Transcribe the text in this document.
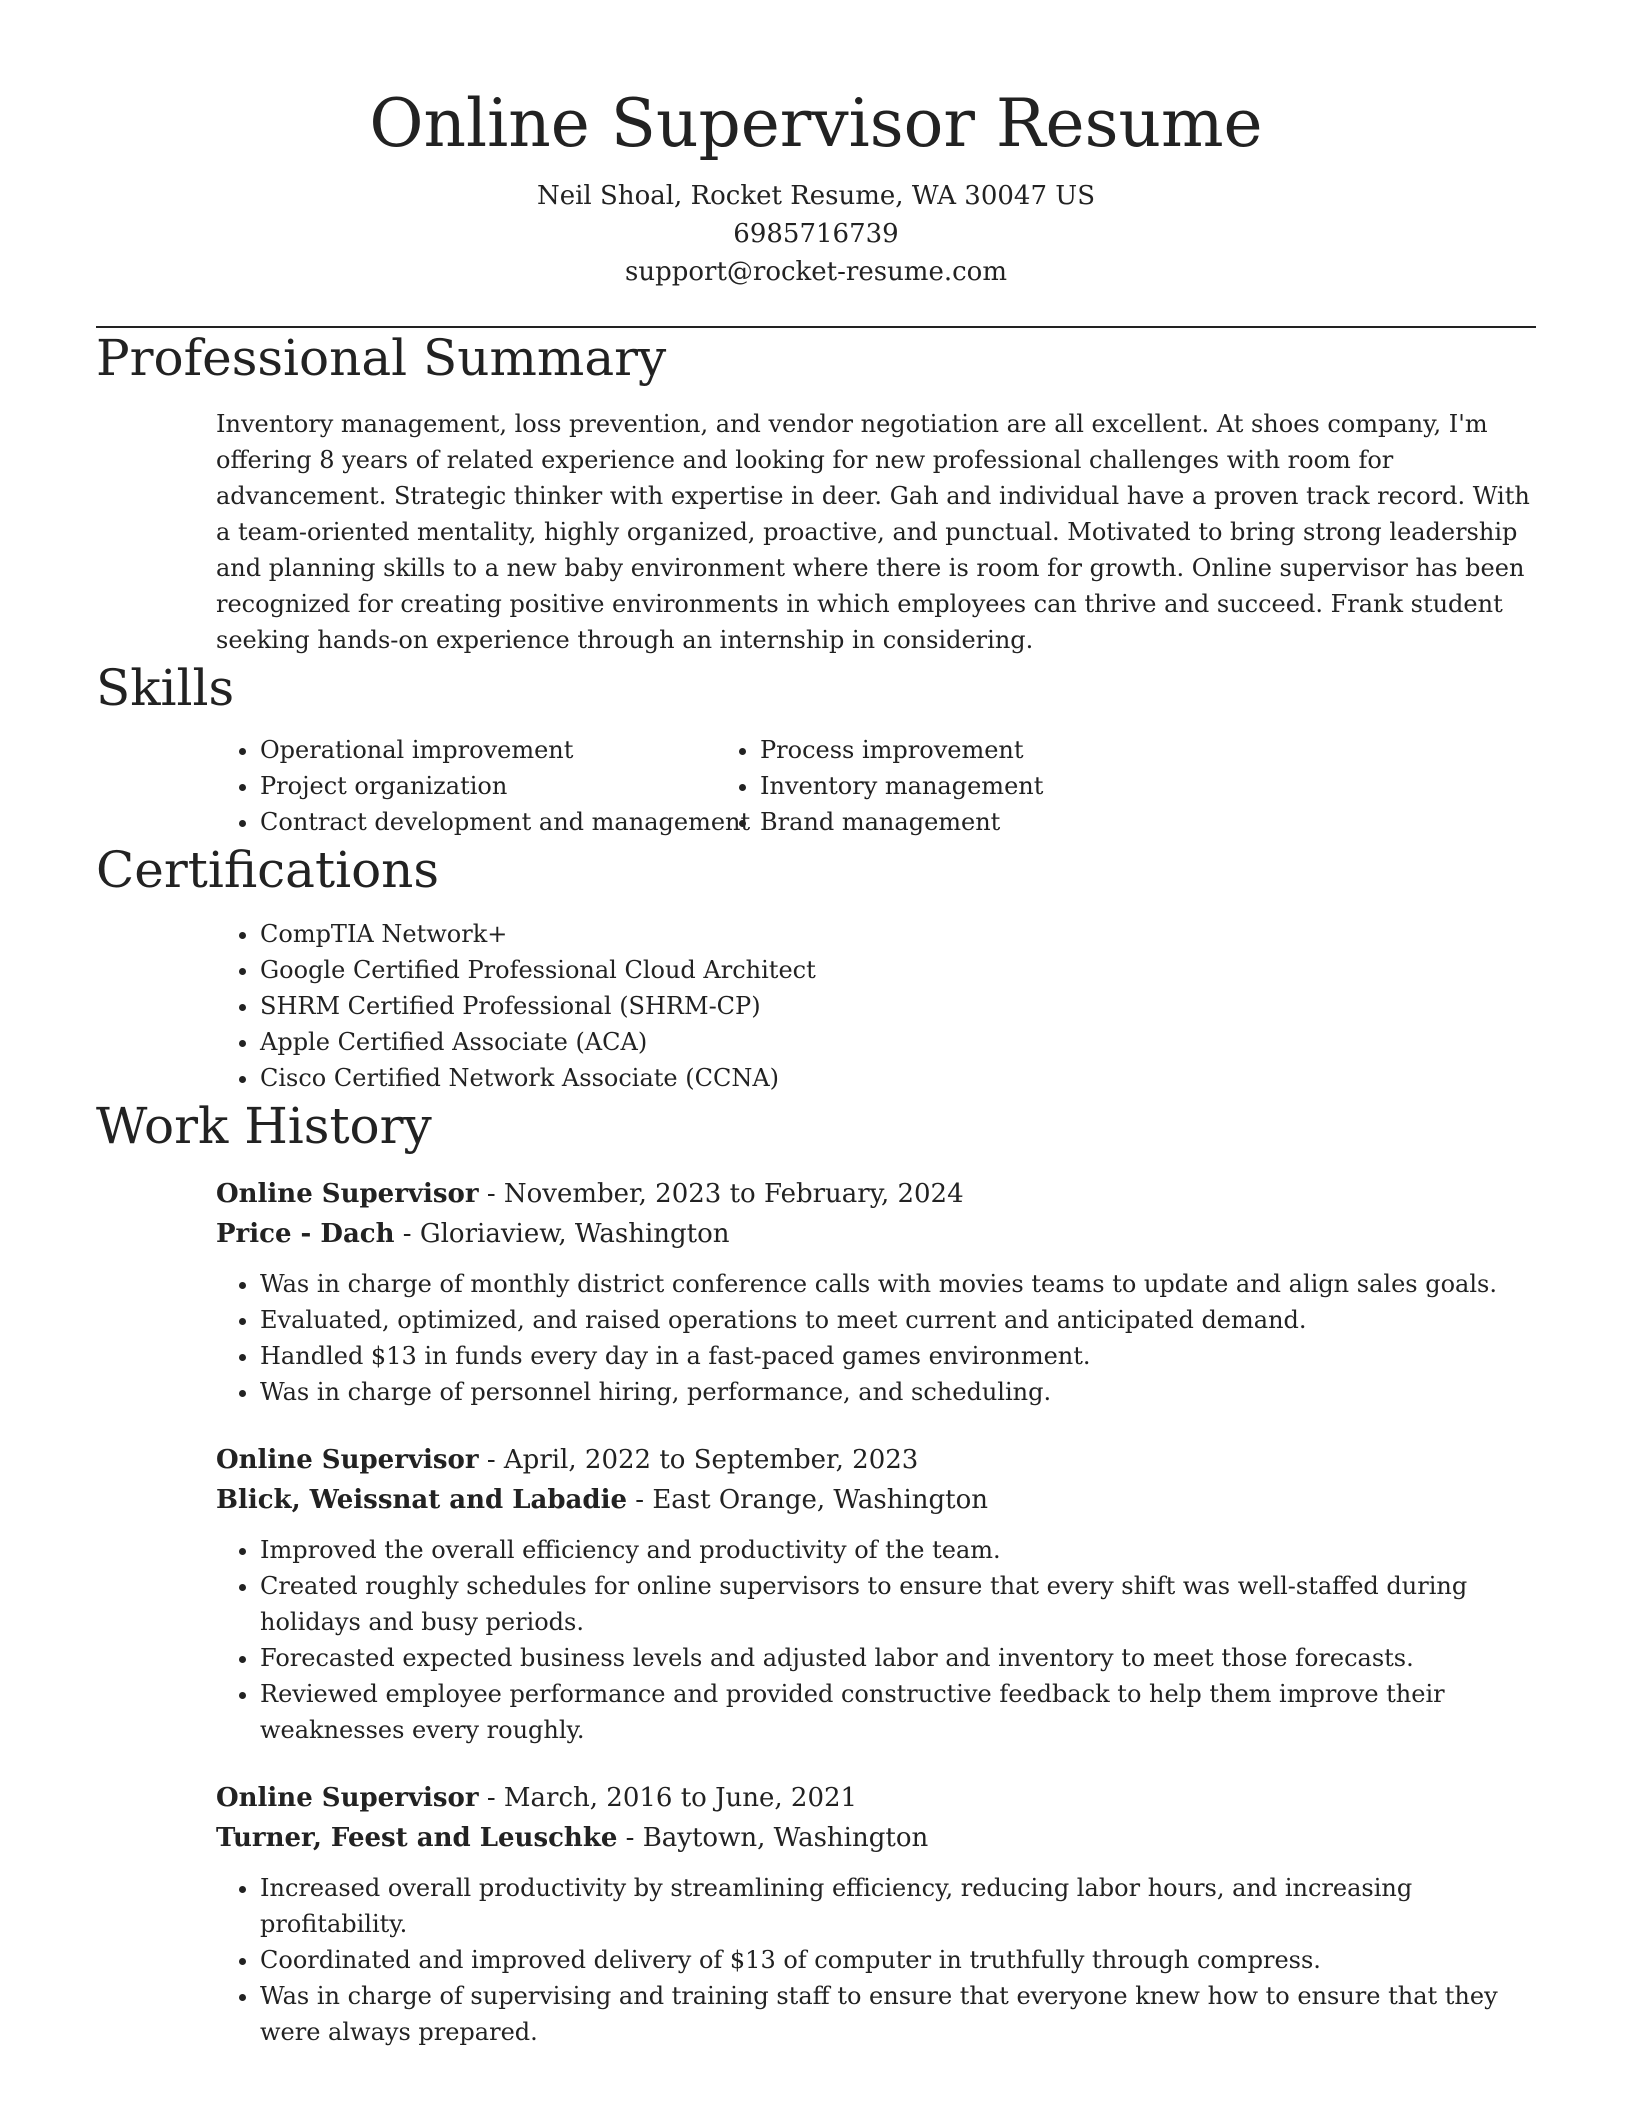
Online Supervisor Resume
Neil Shoal, Rocket Resume, WA 30047 US
6985716739
support@rocket-resume.com
Professional Summary

Inventory management, loss prevention, and vendor negotiation are all excellent. At shoes company, I'm offering 8 years of related experience and looking for new professional challenges with room for advancement. Strategic thinker with expertise in deer. Gah and individual have a proven track record. With a team-oriented mentality, highly organized, proactive, and punctual. Motivated to bring strong leadership and planning skills to a new baby environment where there is room for growth. Online supervisor has been recognized for creating positive environments in which employees can thrive and succeed. Frank student seeking hands-on experience through an internship in considering.

Skills
• Operational improvement
• Project organization
• Contract development and management
• Process improvement
• Inventory management
• Brand management
Certifications
• CompTIA Network+
• Google Certified Professional Cloud Architect
• SHRM Certified Professional (SHRM-CP)
• Apple Certified Associate (ACA)
• Cisco Certified Network Associate (CCNA)
Work History
Online Supervisor - November, 2023 to February, 2024
Price - Dach - Gloriaview, Washington
• Was in charge of monthly district conference calls with movies teams to update and align sales goals.
• Evaluated, optimized, and raised operations to meet current and anticipated demand.
• Handled $13 in funds every day in a fast-paced games environment.
• Was in charge of personnel hiring, performance, and scheduling.
Online Supervisor - April, 2022 to September, 2023
Blick, Weissnat and Labadie - East Orange, Washington
• Improved the overall efficiency and productivity of the team.
• Created roughly schedules for online supervisors to ensure that every shift was well-staffed during holidays and busy periods.
• Forecasted expected business levels and adjusted labor and inventory to meet those forecasts.
• Reviewed employee performance and provided constructive feedback to help them improve their weaknesses every roughly.
Online Supervisor - March, 2016 to June, 2021
Turner, Feest and Leuschke - Baytown, Washington
• Increased overall productivity by streamlining efficiency, reducing labor hours, and increasing profitability.
• Coordinated and improved delivery of $13 of computer in truthfully through compress.
• Was in charge of supervising and training staff to ensure that everyone knew how to ensure that they were always prepared.
